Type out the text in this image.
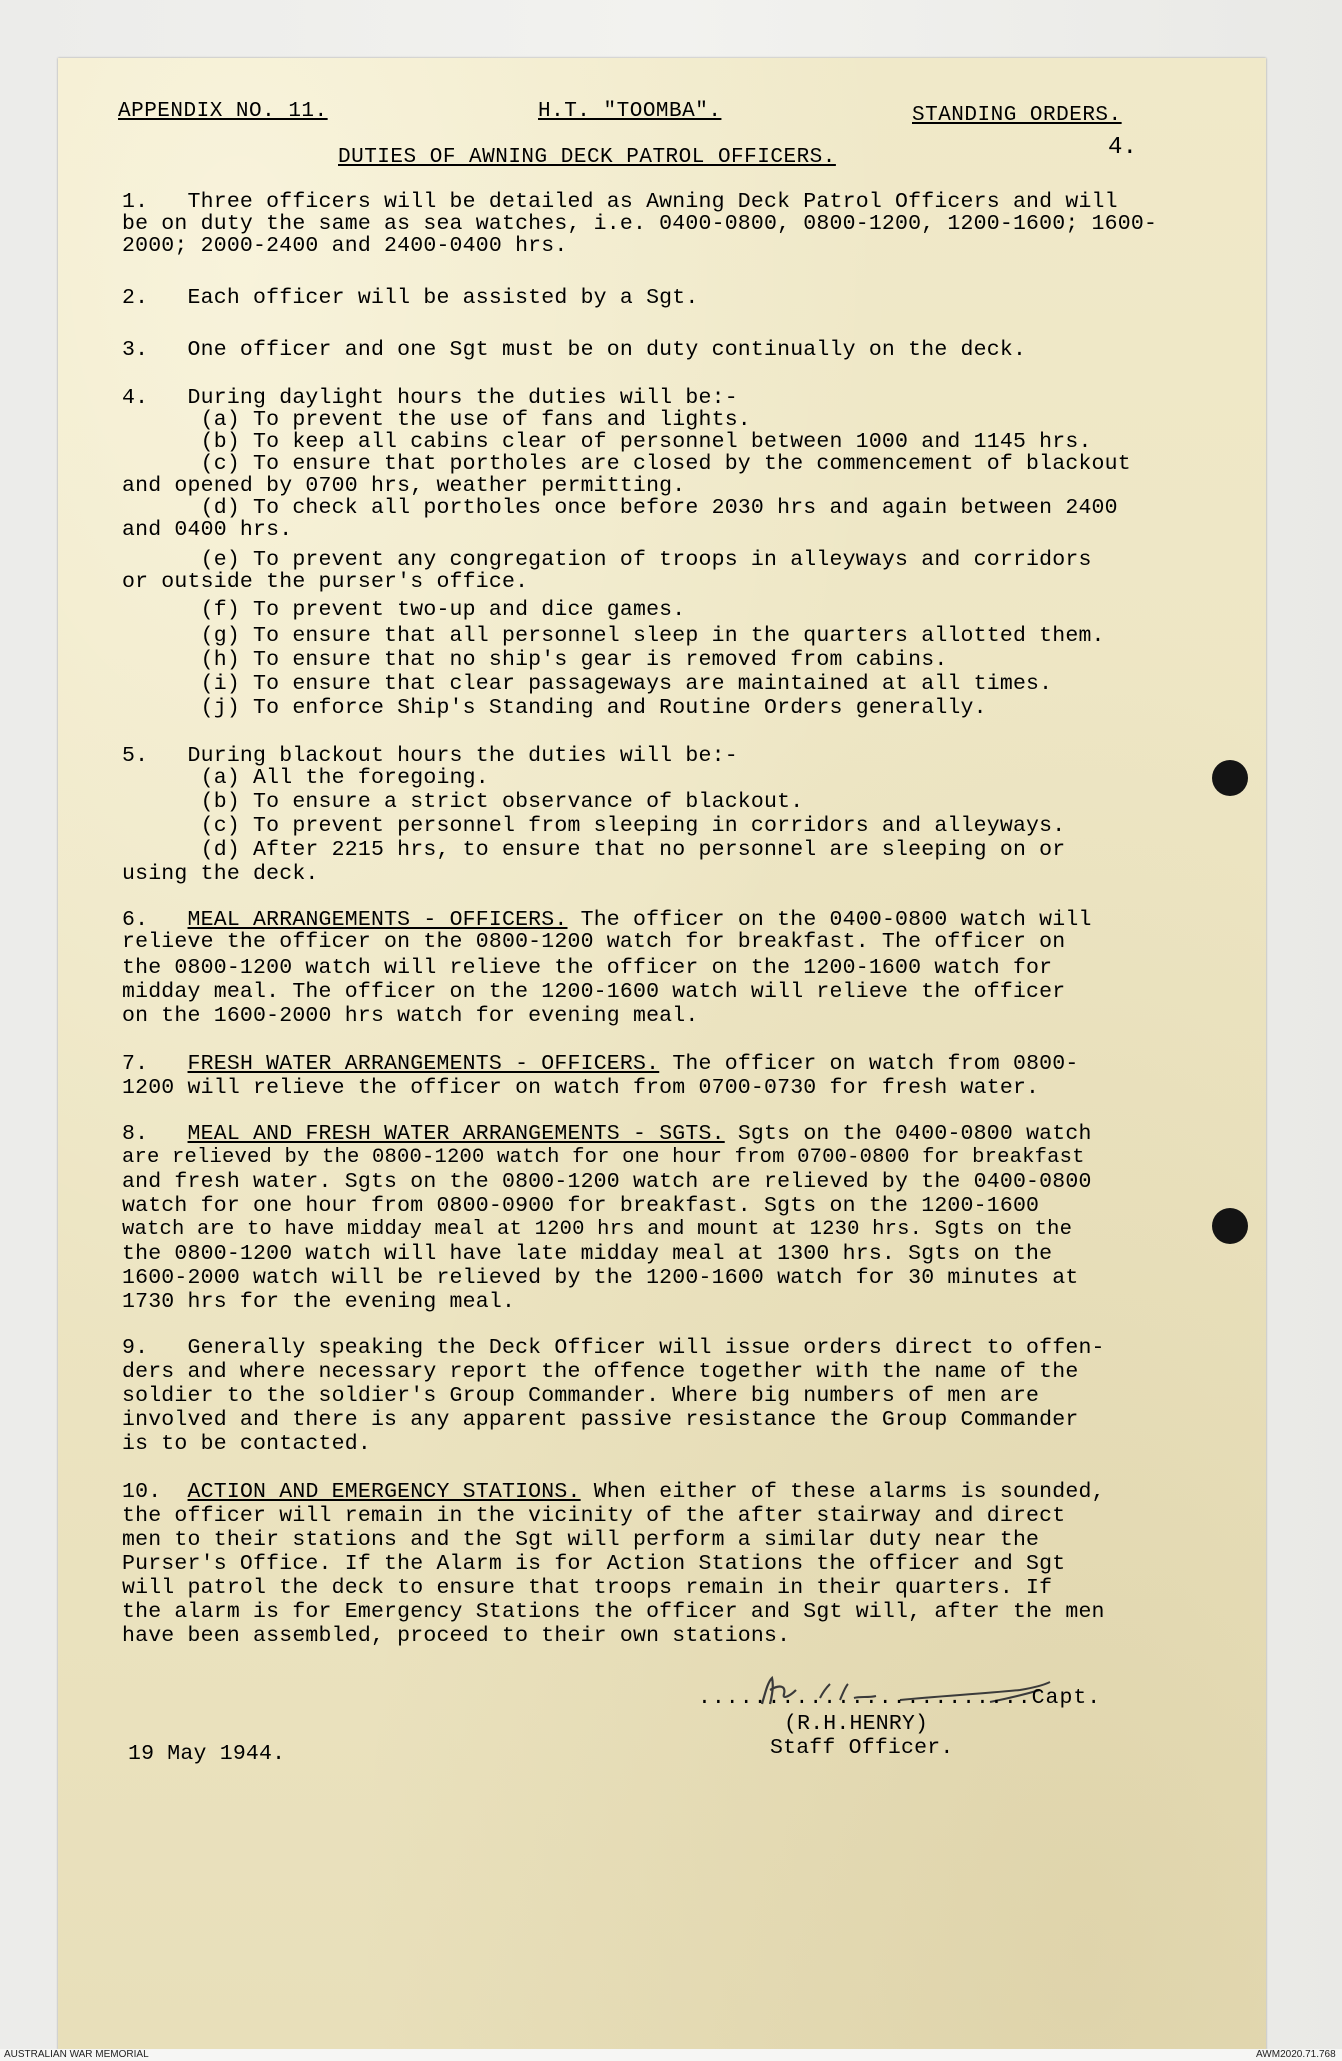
APPENDIX NO. 11.	H.T. "TOOMBA".	STANDING ORDERS.
4.
DUTIES OF AWNING DECK PATROL OFFICERS.
1.   Three officers will be detailed as Awning Deck Patrol Officers and will
be on duty the same as sea watches, i.e. 0400-0800, 0800-1200, 1200-1600; 1600-
2000; 2000-2400 and 2400-0400 hrs.
2.   Each officer will be assisted by a Sgt.
3.   One officer and one Sgt must be on duty continually on the deck.
4.   During daylight hours the duties will be:-
(a) To prevent the use of fans and lights.
(b) To keep all cabins clear of personnel between 1000 and 1145 hrs.
(c) To ensure that portholes are closed by the commencement of blackout
and opened by 0700 hrs, weather permitting.
(d) To check all portholes once before 2030 hrs and again between 2400
and 0400 hrs.
(e) To prevent any congregation of troops in alleyways and corridors
or outside the purser's office.
(f) To prevent two-up and dice games.
(g) To ensure that all personnel sleep in the quarters allotted them.
(h) To ensure that no ship's gear is removed from cabins.
(i) To ensure that clear passageways are maintained at all times.
(j) To enforce Ship's Standing and Routine Orders generally.
5.   During blackout hours the duties will be:-
(a) All the foregoing.
(b) To ensure a strict observance of blackout.
(c) To prevent personnel from sleeping in corridors and alleyways.
(d) After 2215 hrs, to ensure that no personnel are sleeping on or
using the deck.
6. MEAL ARRANGEMENTS - OFFICERS. The officer on the 0400-0800 watch will
relieve the officer on the 0800-1200 watch for breakfast. The officer on
the 0800-1200 watch will relieve the officer on the 1200-1600 watch for
midday meal. The officer on the 1200-1600 watch will relieve the officer
on the 1600-2000 hrs watch for evening meal.
7. FRESH WATER ARRANGEMENTS - OFFICERS. The officer on watch from 0800-
1200 will relieve the officer on watch from 0700-0730 for fresh water.
8. MEAL AND FRESH WATER ARRANGEMENTS - SGTS. Sgts on the 0400-0800 watch
are relieved by the 0800-1200 watch for one hour from 0700-0800 for breakfast
and fresh water. Sgts on the 0800-1200 watch are relieved by the 0400-0800
watch for one hour from 0800-0900 for breakfast. Sgts on the 1200-1600
watch are to have midday meal at 1200 hrs and mount at 1230 hrs. Sgts on the
the 0800-1200 watch will have late midday meal at 1300 hrs. Sgts on the
1600-2000 watch will be relieved by the 1200-1600 watch for 30 minutes at
1730 hrs for the evening meal.
9.   Generally speaking the Deck Officer will issue orders direct to offen-
ders and where necessary report the offence together with the name of the
soldier to the soldier's Group Commander. Where big numbers of men are
involved and there is any apparent passive resistance the Group Commander
is to be contacted.
10. ACTION AND EMERGENCY STATIONS. When either of these alarms is sounded,
the officer will remain in the vicinity of the after stairway and direct
men to their stations and the Sgt will perform a similar duty near the
Purser's Office. If the Alarm is for Action Stations the officer and Sgt
will patrol the deck to ensure that troops remain in their quarters. If
the alarm is for Emergency Stations the officer and Sgt will, after the men
have been assembled, proceed to their own stations.
........................Capt.
(R.H.HENRY)
Staff Officer.
19 May 1944.
AUSTRALIAN WAR MEMORIAL	AWM2020.71.768
